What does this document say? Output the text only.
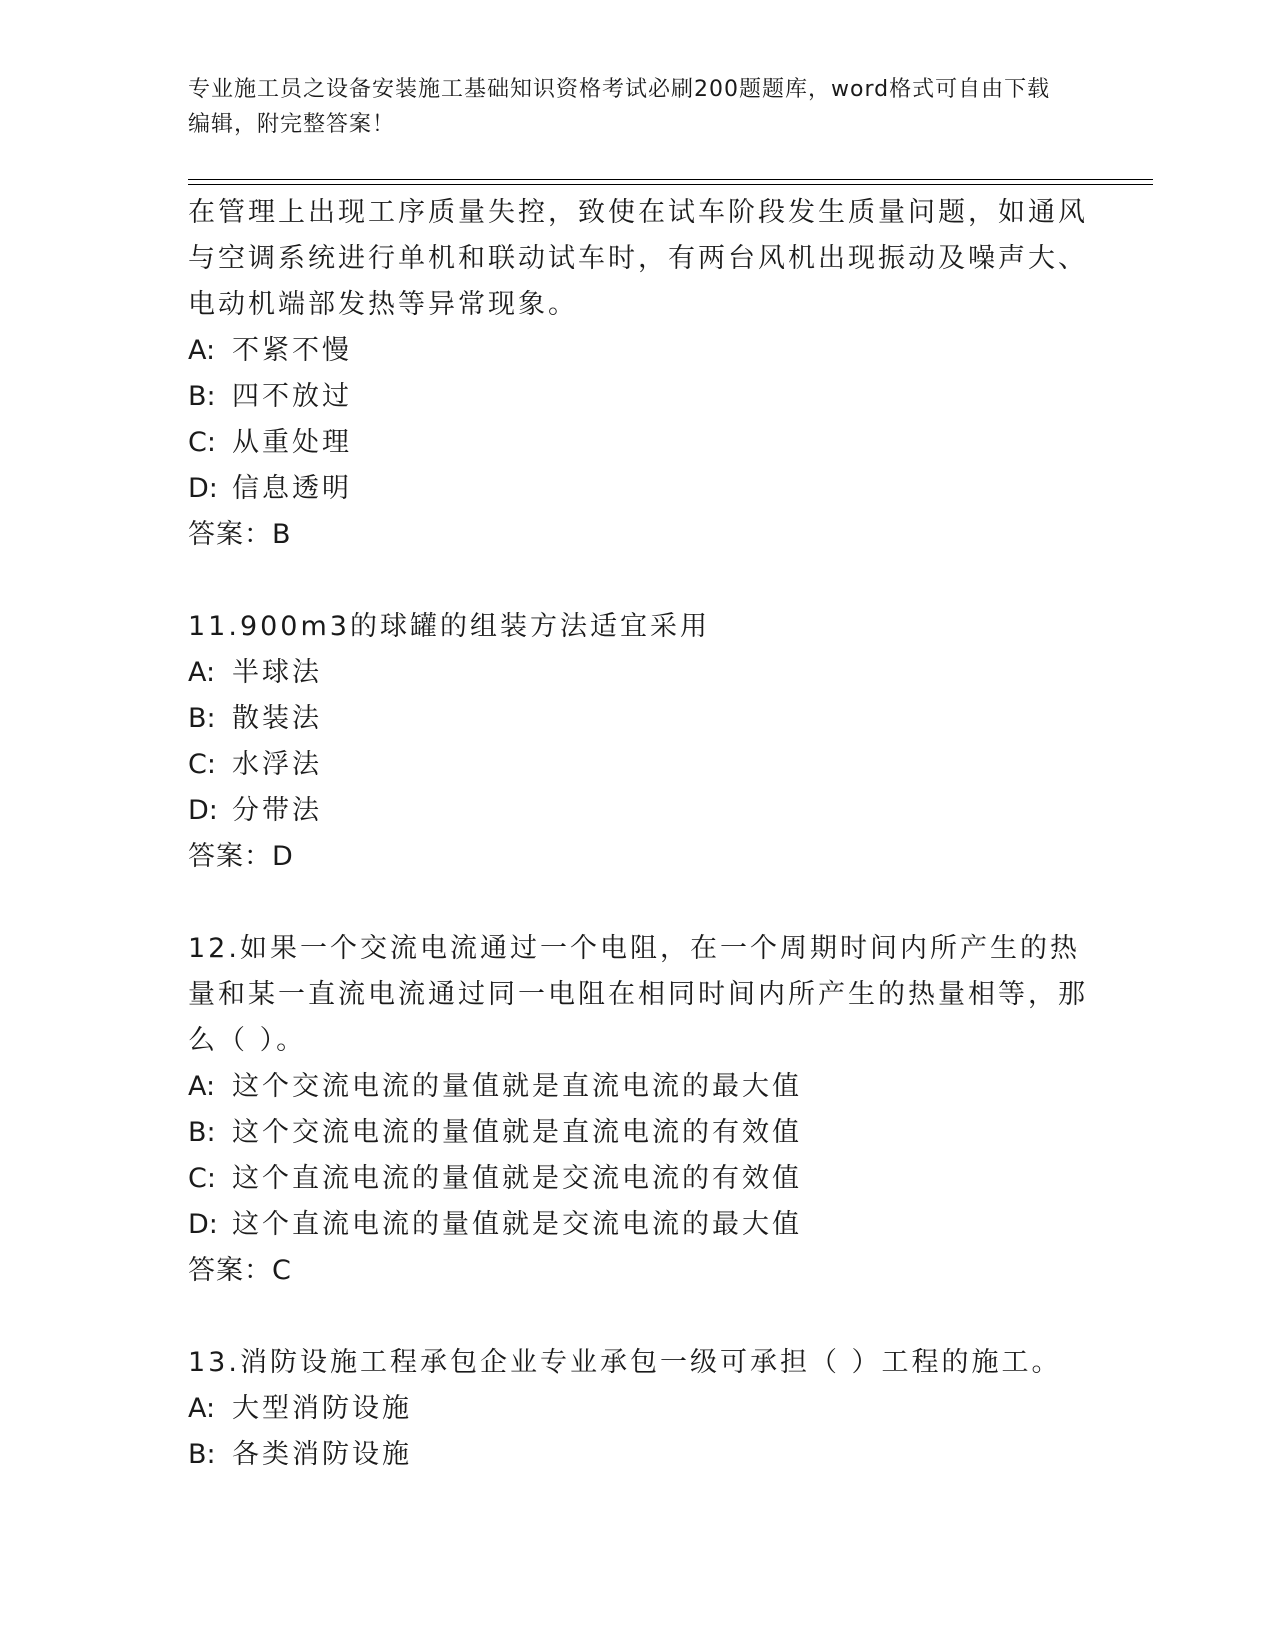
专业施工员之设备安装施工基础知识资格考试必刷200题题库，word格式可自由下载编辑，附完整答案！
在管理上出现工序质量失控，致使在试车阶段发生质量问题，如通风与空调系统进行单机和联动试车时，有两台风机出现振动及噪声大、电动机端部发热等异常现象。
A: 不紧不慢
B: 四不放过
C: 从重处理
D: 信息透明
答案：B
11.900m3的球罐的组装方法适宜采用
A: 半球法
B: 散装法
C: 水浮法
D: 分带法
答案：D
12.如果一个交流电流通过一个电阻，在一个周期时间内所产生的热量和某一直流电流通过同一电阻在相同时间内所产生的热量相等，那么（ ）。
A: 这个交流电流的量值就是直流电流的最大值
B: 这个交流电流的量值就是直流电流的有效值
C: 这个直流电流的量值就是交流电流的有效值
D: 这个直流电流的量值就是交流电流的最大值
答案：C
13.消防设施工程承包企业专业承包一级可承担（ ）工程的施工。
A: 大型消防设施
B: 各类消防设施
